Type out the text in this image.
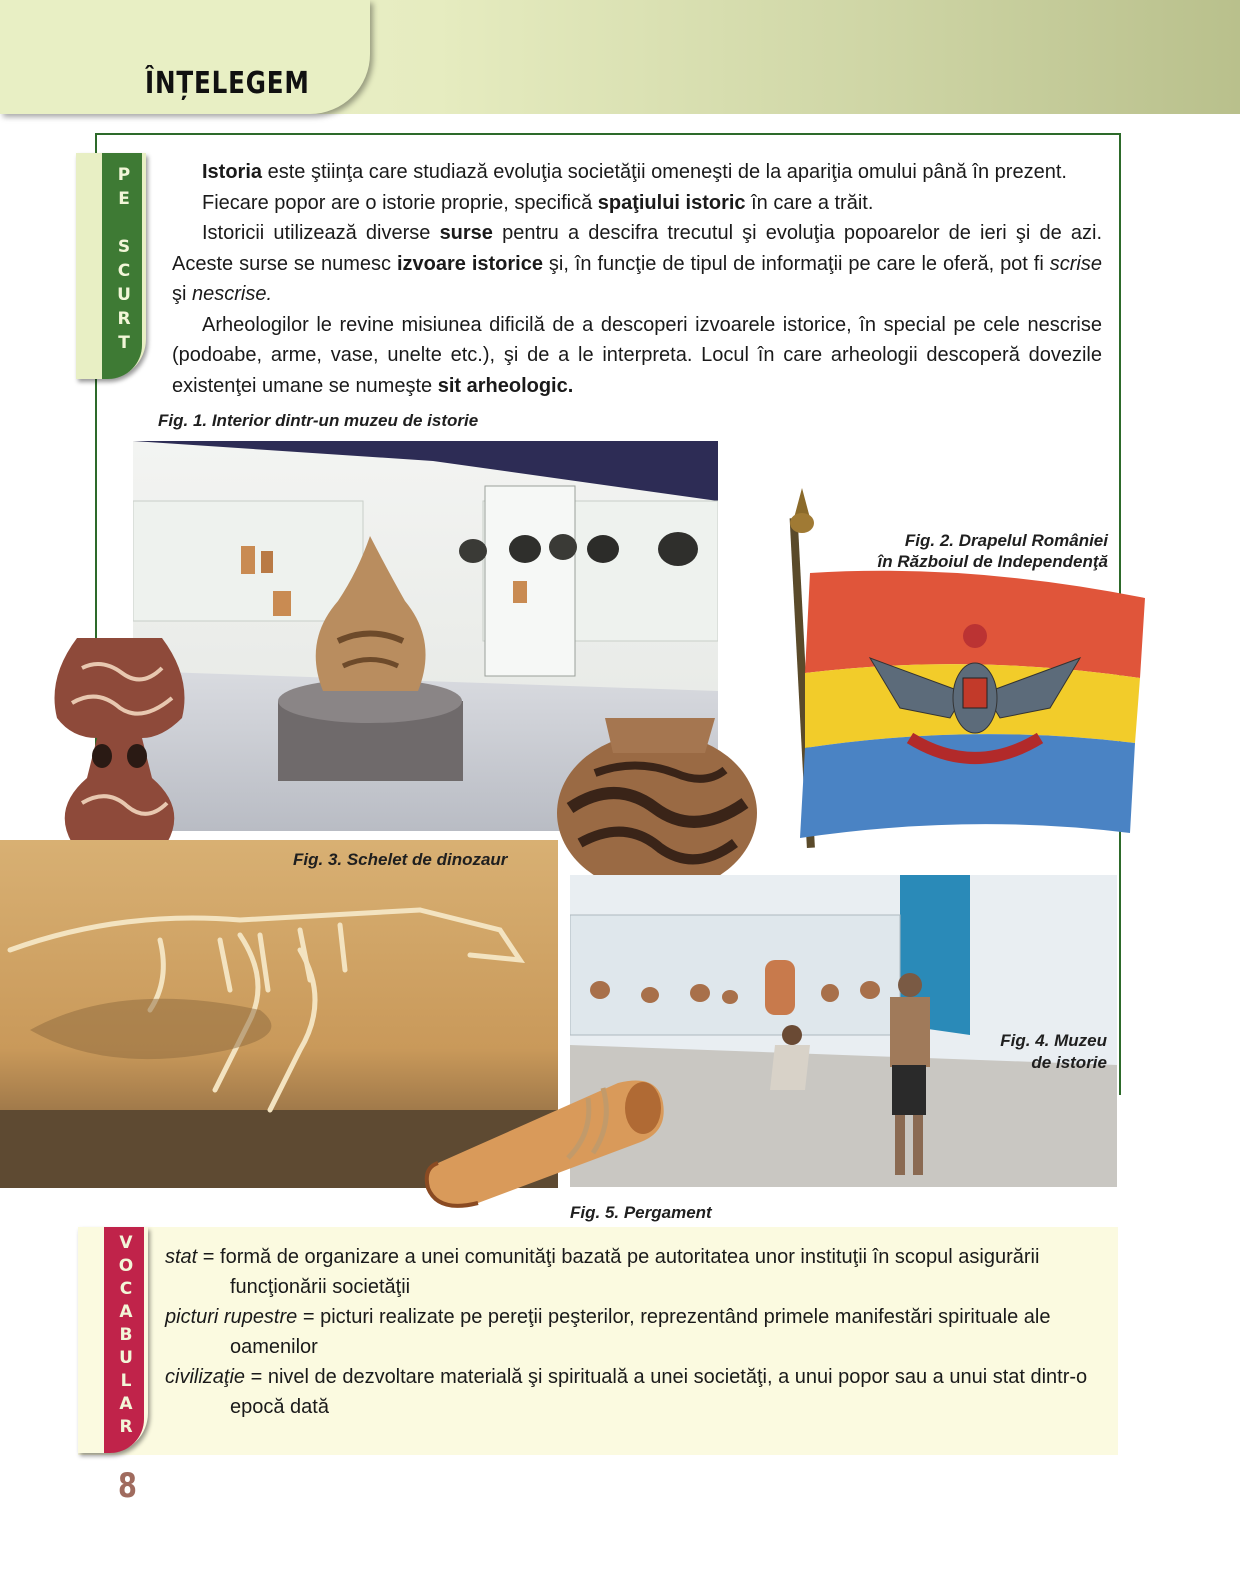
ÎNȚELEGEM
P
E
S
C
U
R
T

Istoria este ştiinţa care studiază evoluţia societăţii omeneşti de la apariţia omului până în prezent.

Fiecare popor are o istorie proprie, specifică spaţiului istoric în care a trăit.

Istoricii utilizează diverse surse pentru a descifra trecutul şi evoluţia popoarelor de ieri şi de azi. Aceste surse se numesc izvoare istorice şi, în funcţie de tipul de informaţii pe care le oferă, pot fi scrise şi nescrise.

Arheologilor le revine misiunea dificilă de a descoperi izvoarele istorice, în special pe cele nescrise (podoabe, arme, vase, unelte etc.), şi de a le interpreta. Locul în care arheologii descoperă dovezile existenţei umane se numeşte sit arheologic.

Fig. 1. Interior dintr-un muzeu de istorie
Fig. 2. Drapelul României
în Războiul de Independenţă
Fig. 3. Schelet de dinozaur
Fig. 4. Muzeu
de istorie
Fig. 5. Pergament
V
O
C
A
B
U
L
A
R

stat = formă de organizare a unei comunităţi bazată pe autoritatea unor instituţii în scopul asigurării funcţionării societăţii

picturi rupestre = picturi realizate pe pereţii peşterilor, reprezentând primele manifestări spirituale ale oamenilor

civilizaţie = nivel de dezvoltare materială şi spirituală a unei societăţi, a unui popor sau a unui stat dintr-o epocă dată

8
